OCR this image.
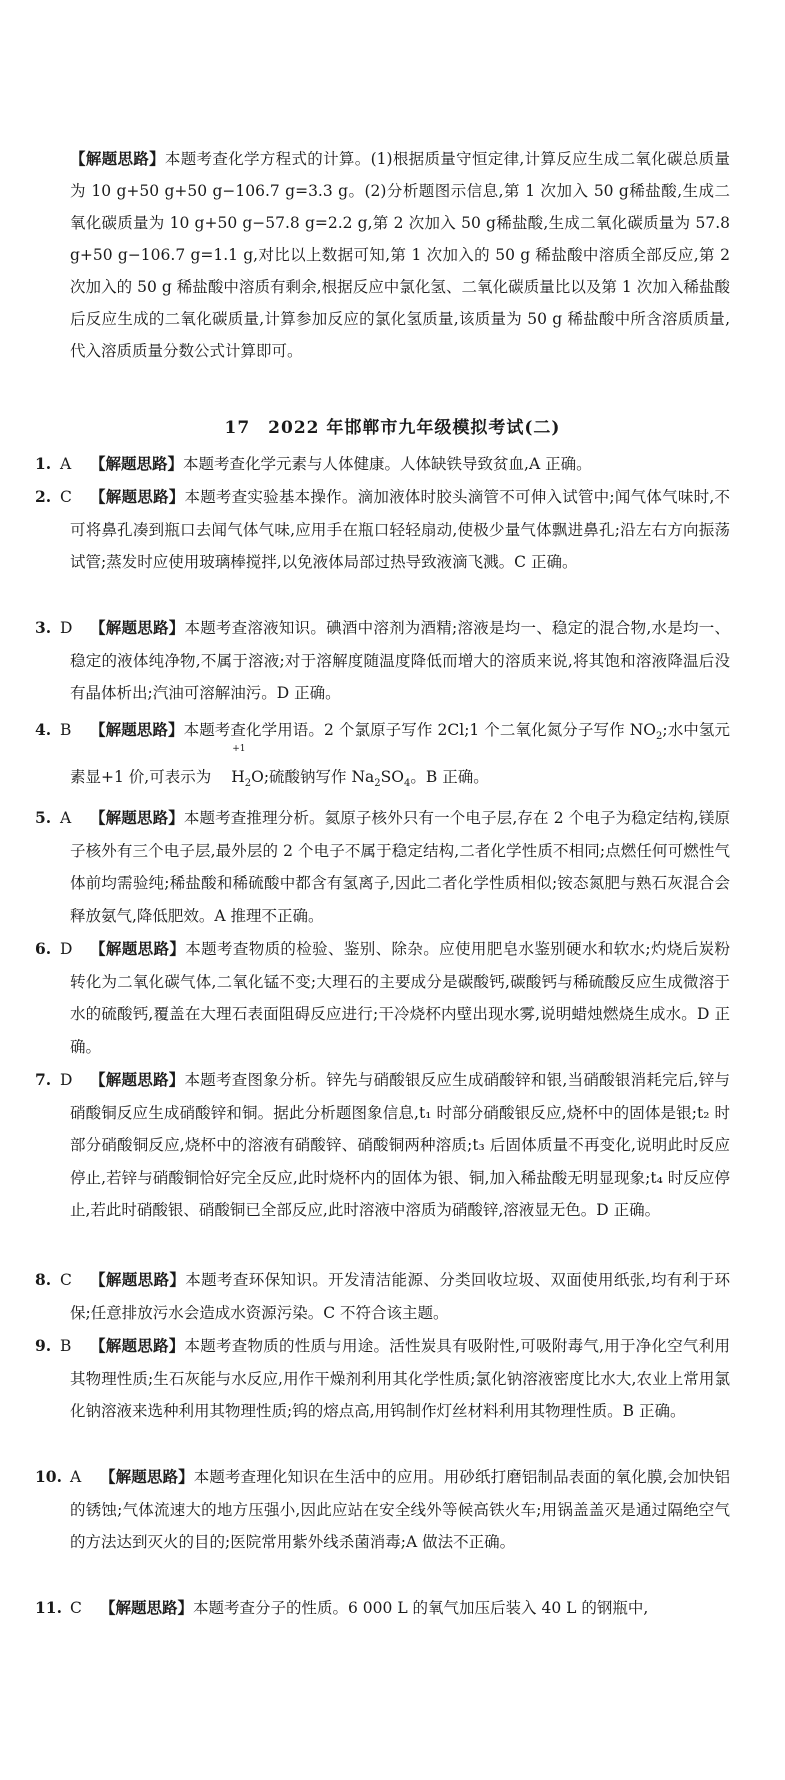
【解题思路】本题考查化学方程式的计算。(1)根据质量守恒定律,计算反应生成二氧化碳总质量为 10 g+50 g+50 g−106.7 g=3.3 g。(2)分析题图示信息,第 1 次加入 50 g稀盐酸,生成二氧化碳质量为 10 g+50 g−57.8 g=2.2 g,第 2 次加入 50 g稀盐酸,生成二氧化碳质量为 57.8 g+50 g−106.7 g=1.1 g,对比以上数据可知,第 1 次加入的 50 g 稀盐酸中溶质全部反应,第 2 次加入的 50 g 稀盐酸中溶质有剩余,根据反应中氯化氢、二氧化碳质量比以及第 1 次加入稀盐酸后反应生成的二氧化碳质量,计算参加反应的氯化氢质量,该质量为 50 g 稀盐酸中所含溶质质量,代入溶质质量分数公式计算即可。
17　2022 年邯郸市九年级模拟考试(二)
1. A	【解题思路】本题考查化学元素与人体健康。人体缺铁导致贫血,A 正确。
2. C	【解题思路】本题考查实验基本操作。滴加液体时胶头滴管不可伸入试管中;闻气体气味时,不可将鼻孔凑到瓶口去闻气体气味,应用手在瓶口轻轻扇动,使极少量气体飘进鼻孔;沿左右方向振荡试管;蒸发时应使用玻璃棒搅拌,以免液体局部过热导致液滴飞溅。C 正确。
3. D	【解题思路】本题考查溶液知识。碘酒中溶剂为酒精;溶液是均一、稳定的混合物,水是均一、稳定的液体纯净物,不属于溶液;对于溶解度随温度降低而增大的溶质来说,将其饱和溶液降温后没有晶体析出;汽油可溶解油污。D 正确。
4. B	【解题思路】本题考查化学用语。2 个氯原子写作 2Cl;1 个二氧化氮分子写作 $NO_2$;水中氢元素显+1 价,可表示为
+1
$H_2O$;硫酸钠写作 $Na_2SO_4$。B 正确。
5. A	【解题思路】本题考查推理分析。氦原子核外只有一个电子层,存在 2 个电子为稳定结构,镁原子核外有三个电子层,最外层的 2 个电子不属于稳定结构,二者化学性质不相同;点燃任何可燃性气体前均需验纯;稀盐酸和稀硫酸中都含有氢离子,因此二者化学性质相似;铵态氮肥与熟石灰混合会释放氨气,降低肥效。A 推理不正确。
6. D	【解题思路】本题考查物质的检验、鉴别、除杂。应使用肥皂水鉴别硬水和软水;灼烧后炭粉转化为二氧化碳气体,二氧化锰不变;大理石的主要成分是碳酸钙,碳酸钙与稀硫酸反应生成微溶于水的硫酸钙,覆盖在大理石表面阻碍反应进行;干冷烧杯内壁出现水雾,说明蜡烛燃烧生成水。D 正确。
7. D	【解题思路】本题考查图象分析。锌先与硝酸银反应生成硝酸锌和银,当硝酸银消耗完后,锌与硝酸铜反应生成硝酸锌和铜。据此分析题图象信息,t₁ 时部分硝酸银反应,烧杯中的固体是银;t₂ 时部分硝酸铜反应,烧杯中的溶液有硝酸锌、硝酸铜两种溶质;t₃ 后固体质量不再变化,说明此时反应停止,若锌与硝酸铜恰好完全反应,此时烧杯内的固体为银、铜,加入稀盐酸无明显现象;t₄ 时反应停止,若此时硝酸银、硝酸铜已全部反应,此时溶液中溶质为硝酸锌,溶液显无色。D 正确。
8. C	【解题思路】本题考查环保知识。开发清洁能源、分类回收垃圾、双面使用纸张,均有利于环保;任意排放污水会造成水资源污染。C 不符合该主题。
9. B	【解题思路】本题考查物质的性质与用途。活性炭具有吸附性,可吸附毒气,用于净化空气利用其物理性质;生石灰能与水反应,用作干燥剂利用其化学性质;氯化钠溶液密度比水大,农业上常用氯化钠溶液来选种利用其物理性质;钨的熔点高,用钨制作灯丝材料利用其物理性质。B 正确。
10. A	【解题思路】本题考查理化知识在生活中的应用。用砂纸打磨铝制品表面的氧化膜,会加快铝的锈蚀;气体流速大的地方压强小,因此应站在安全线外等候高铁火车;用锅盖盖灭是通过隔绝空气的方法达到灭火的目的;医院常用紫外线杀菌消毒;A 做法不正确。
11. C	【解题思路】本题考查分子的性质。6 000 L 的氧气加压后装入 40 L 的钢瓶中,
